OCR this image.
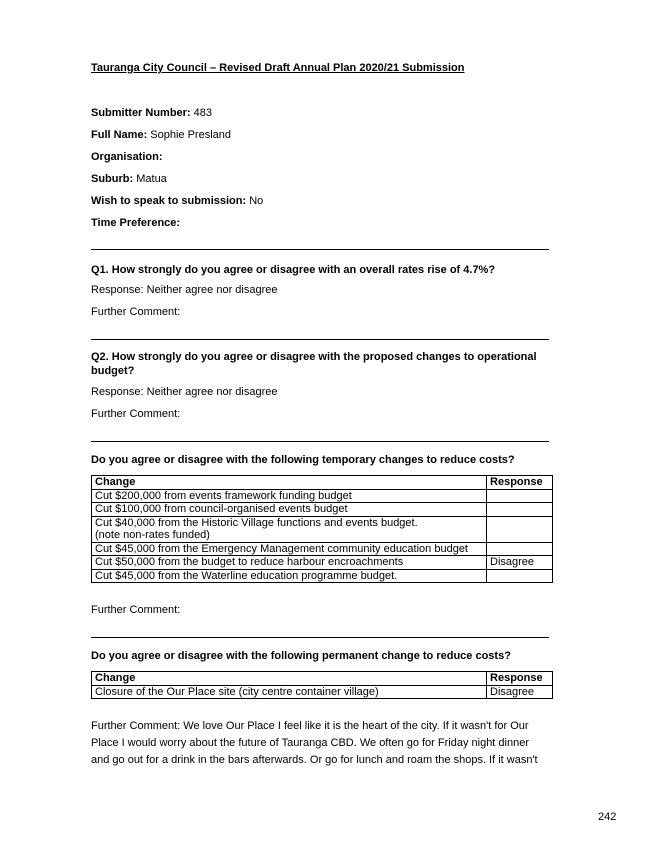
Tauranga City Council – Revised Draft Annual Plan 2020/21 Submission
Submitter Number: 483
Full Name: Sophie Presland
Organisation:
Suburb: Matua
Wish to speak to submission: No
Time Preference:
Q1. How strongly do you agree or disagree with an overall rates rise of 4.7%?
Response: Neither agree nor disagree
Further Comment:
Q2. How strongly do you agree or disagree with the proposed changes to operational budget?
Response: Neither agree nor disagree
Further Comment:
Do you agree or disagree with the following temporary changes to reduce costs?
Change	Response
Cut $200,000 from events framework funding budget	
Cut $100,000 from council-organised events budget	

Cut $40,000 from the Historic Village functions and events budget.
(note non-rates funded)	

Cut $45,000 from the Emergency Management community education budget	
Cut $50,000 from the budget to reduce harbour encroachments	Disagree
Cut $45,000 from the Waterline education programme budget.	
Further Comment:
Do you agree or disagree with the following permanent change to reduce costs?
Change	Response
Closure of the Our Place site (city centre container village)	Disagree
Further Comment: We love Our Place I feel like it is the heart of the city. If it wasn't for Our
Place I would worry about the future of Tauranga CBD. We often go for Friday night dinner
and go out for a drink in the bars afterwards. Or go for lunch and roam the shops. If it wasn't
242
